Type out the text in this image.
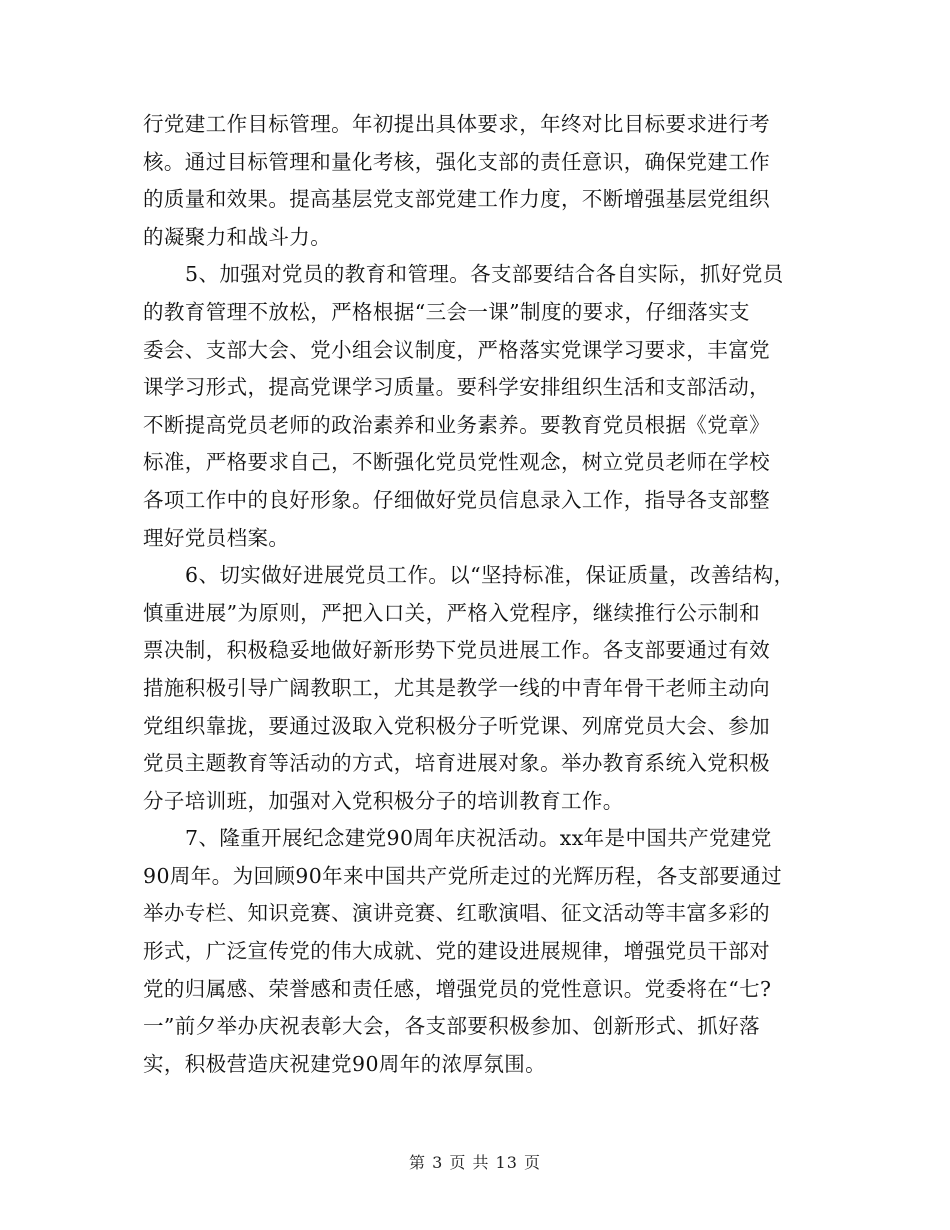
行党建工作目标管理。年初提出具体要求，年终对比目标要求进行考
核。通过目标管理和量化考核，强化支部的责任意识，确保党建工作
的质量和效果。提高基层党支部党建工作力度，不断增强基层党组织
的凝聚力和战斗力。
5、加强对党员的教育和管理。各支部要结合各自实际，抓好党员
的教育管理不放松，严格根据“三会一课”制度的要求，仔细落实支
委会、支部大会、党小组会议制度，严格落实党课学习要求，丰富党
课学习形式，提高党课学习质量。要科学安排组织生活和支部活动，
不断提高党员老师的政治素养和业务素养。要教育党员根据《党章》
标准，严格要求自己，不断强化党员党性观念，树立党员老师在学校
各项工作中的良好形象。仔细做好党员信息录入工作，指导各支部整
理好党员档案。
6、切实做好进展党员工作。以“坚持标准，保证质量，改善结构，
慎重进展”为原则，严把入口关，严格入党程序，继续推行公示制和
票决制，积极稳妥地做好新形势下党员进展工作。各支部要通过有效
措施积极引导广阔教职工，尤其是教学一线的中青年骨干老师主动向
党组织靠拢，要通过汲取入党积极分子听党课、列席党员大会、参加
党员主题教育等活动的方式，培育进展对象。举办教育系统入党积极
分子培训班，加强对入党积极分子的培训教育工作。
7、隆重开展纪念建党90周年庆祝活动。xx年是中国共产党建党
90周年。为回顾90年来中国共产党所走过的光辉历程，各支部要通过
举办专栏、知识竞赛、演讲竞赛、红歌演唱、征文活动等丰富多彩的
形式，广泛宣传党的伟大成就、党的建设进展规律，增强党员干部对
党的归属感、荣誉感和责任感，增强党员的党性意识。党委将在“七?
一”前夕举办庆祝表彰大会，各支部要积极参加、创新形式、抓好落
实，积极营造庆祝建党90周年的浓厚氛围。
第 3 页 共 13 页
